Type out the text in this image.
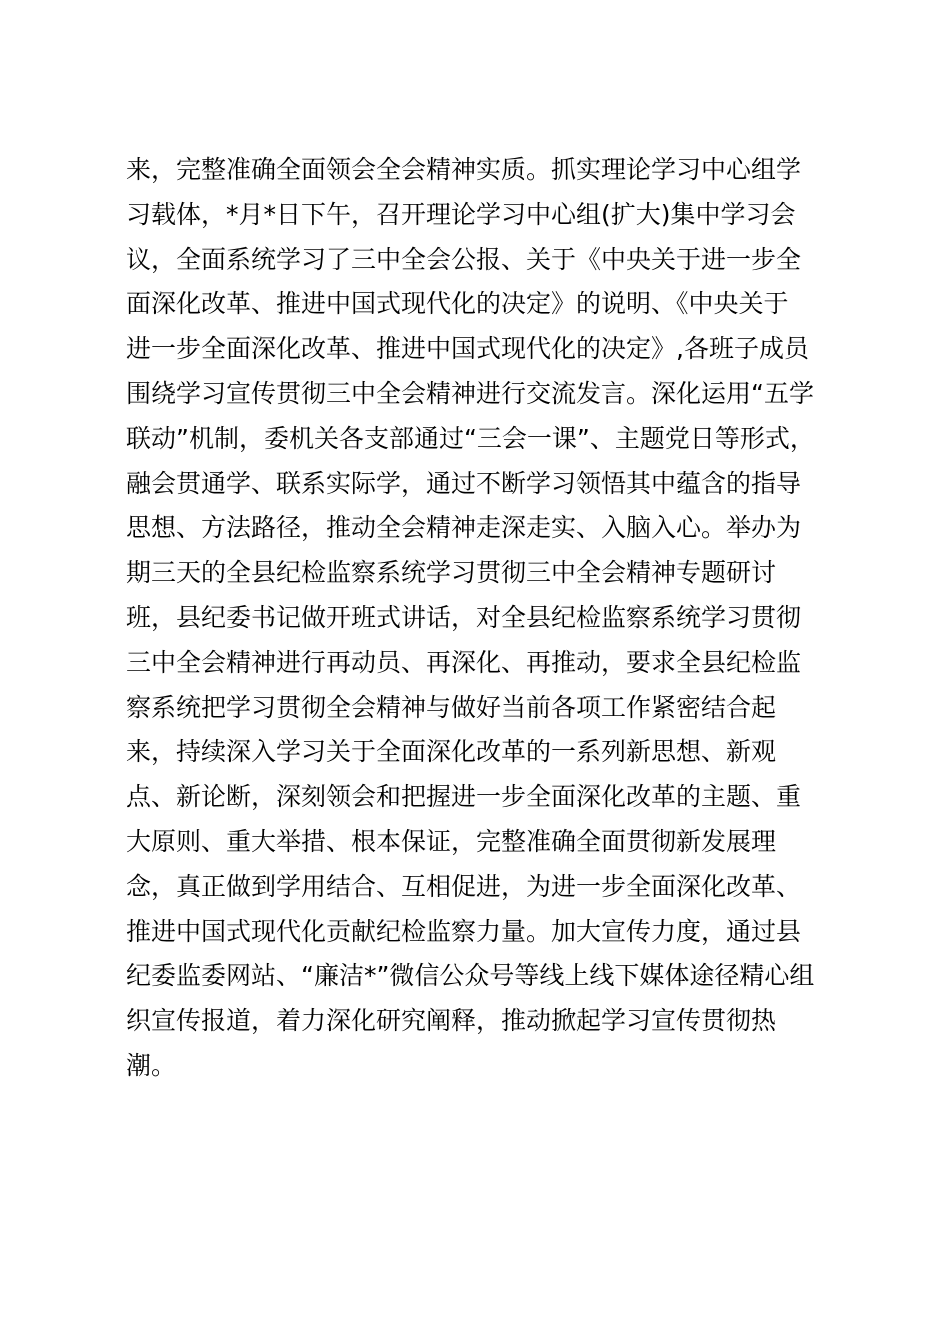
来，完整准确全面领会全会精神实质。抓实理论学习中心组学
习载体，*月*日下午，召开理论学习中心组(扩大)集中学习会
议，全面系统学习了三中全会公报、关于《中央关于进一步全
面深化改革、推进中国式现代化的决定》的说明、《中央关于
进一步全面深化改革、推进中国式现代化的决定》,各班子成员
围绕学习宣传贯彻三中全会精神进行交流发言。深化运用“五学
联动”机制，委机关各支部通过“三会一课”、主题党日等形式，
融会贯通学、联系实际学，通过不断学习领悟其中蕴含的指导
思想、方法路径，推动全会精神走深走实、入脑入心。举办为
期三天的全县纪检监察系统学习贯彻三中全会精神专题研讨
班，县纪委书记做开班式讲话，对全县纪检监察系统学习贯彻
三中全会精神进行再动员、再深化、再推动，要求全县纪检监
察系统把学习贯彻全会精神与做好当前各项工作紧密结合起
来，持续深入学习关于全面深化改革的一系列新思想、新观
点、新论断，深刻领会和把握进一步全面深化改革的主题、重
大原则、重大举措、根本保证，完整准确全面贯彻新发展理
念，真正做到学用结合、互相促进，为进一步全面深化改革、
推进中国式现代化贡献纪检监察力量。加大宣传力度，通过县
纪委监委网站、“廉洁*”微信公众号等线上线下媒体途径精心组
织宣传报道，着力深化研究阐释，推动掀起学习宣传贯彻热
潮。
